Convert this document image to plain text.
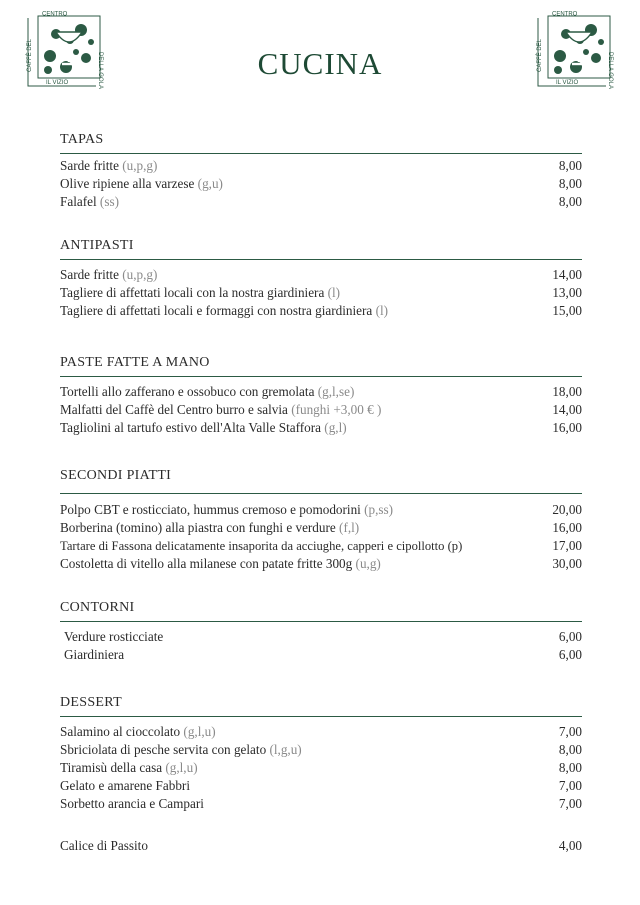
CAFFÈ DEL
CENTRO
IL VIZIO	DELLA GOLA	CAFFÈ DEL
CENTRO
IL VIZIO	DELLA GOLA
CUCINA
TAPAS
Sarde fritte (u,p,g)	8,00
Olive ripiene alla varzese (g,u)	8,00
Falafel (ss)	8,00
ANTIPASTI
Sarde fritte (u,p,g)	14,00
Tagliere di affettati locali con la nostra giardiniera (l)	13,00
Tagliere di affettati locali e formaggi con nostra giardiniera (l)	15,00
PASTE FATTE A MANO
Tortelli allo zafferano e ossobuco con gremolata (g,l,se)	18,00
Malfatti del Caffè del Centro burro e salvia (funghi +3,00 € )	14,00
Tagliolini al tartufo estivo dell'Alta Valle Staffora (g,l)	16,00
SECONDI PIATTI
Polpo CBT e rosticciato, hummus cremoso e pomodorini (p,ss)	20,00
Borberina (tomino) alla piastra con funghi e verdure (f,l)	16,00
Tartare di Fassona delicatamente insaporita da acciughe, capperi e cipollotto (p)	17,00
Costoletta di vitello alla milanese con patate fritte 300g (u,g)	30,00
CONTORNI
Verdure rosticciate	6,00
Giardiniera	6,00
DESSERT
Salamino al cioccolato (g,l,u)	7,00
Sbriciolata di pesche servita con gelato (l,g,u)	8,00
Tiramisù della casa (g,l,u)	8,00
Gelato e amarene Fabbri	7,00
Sorbetto arancia e Campari	7,00
Calice di Passito	4,00
